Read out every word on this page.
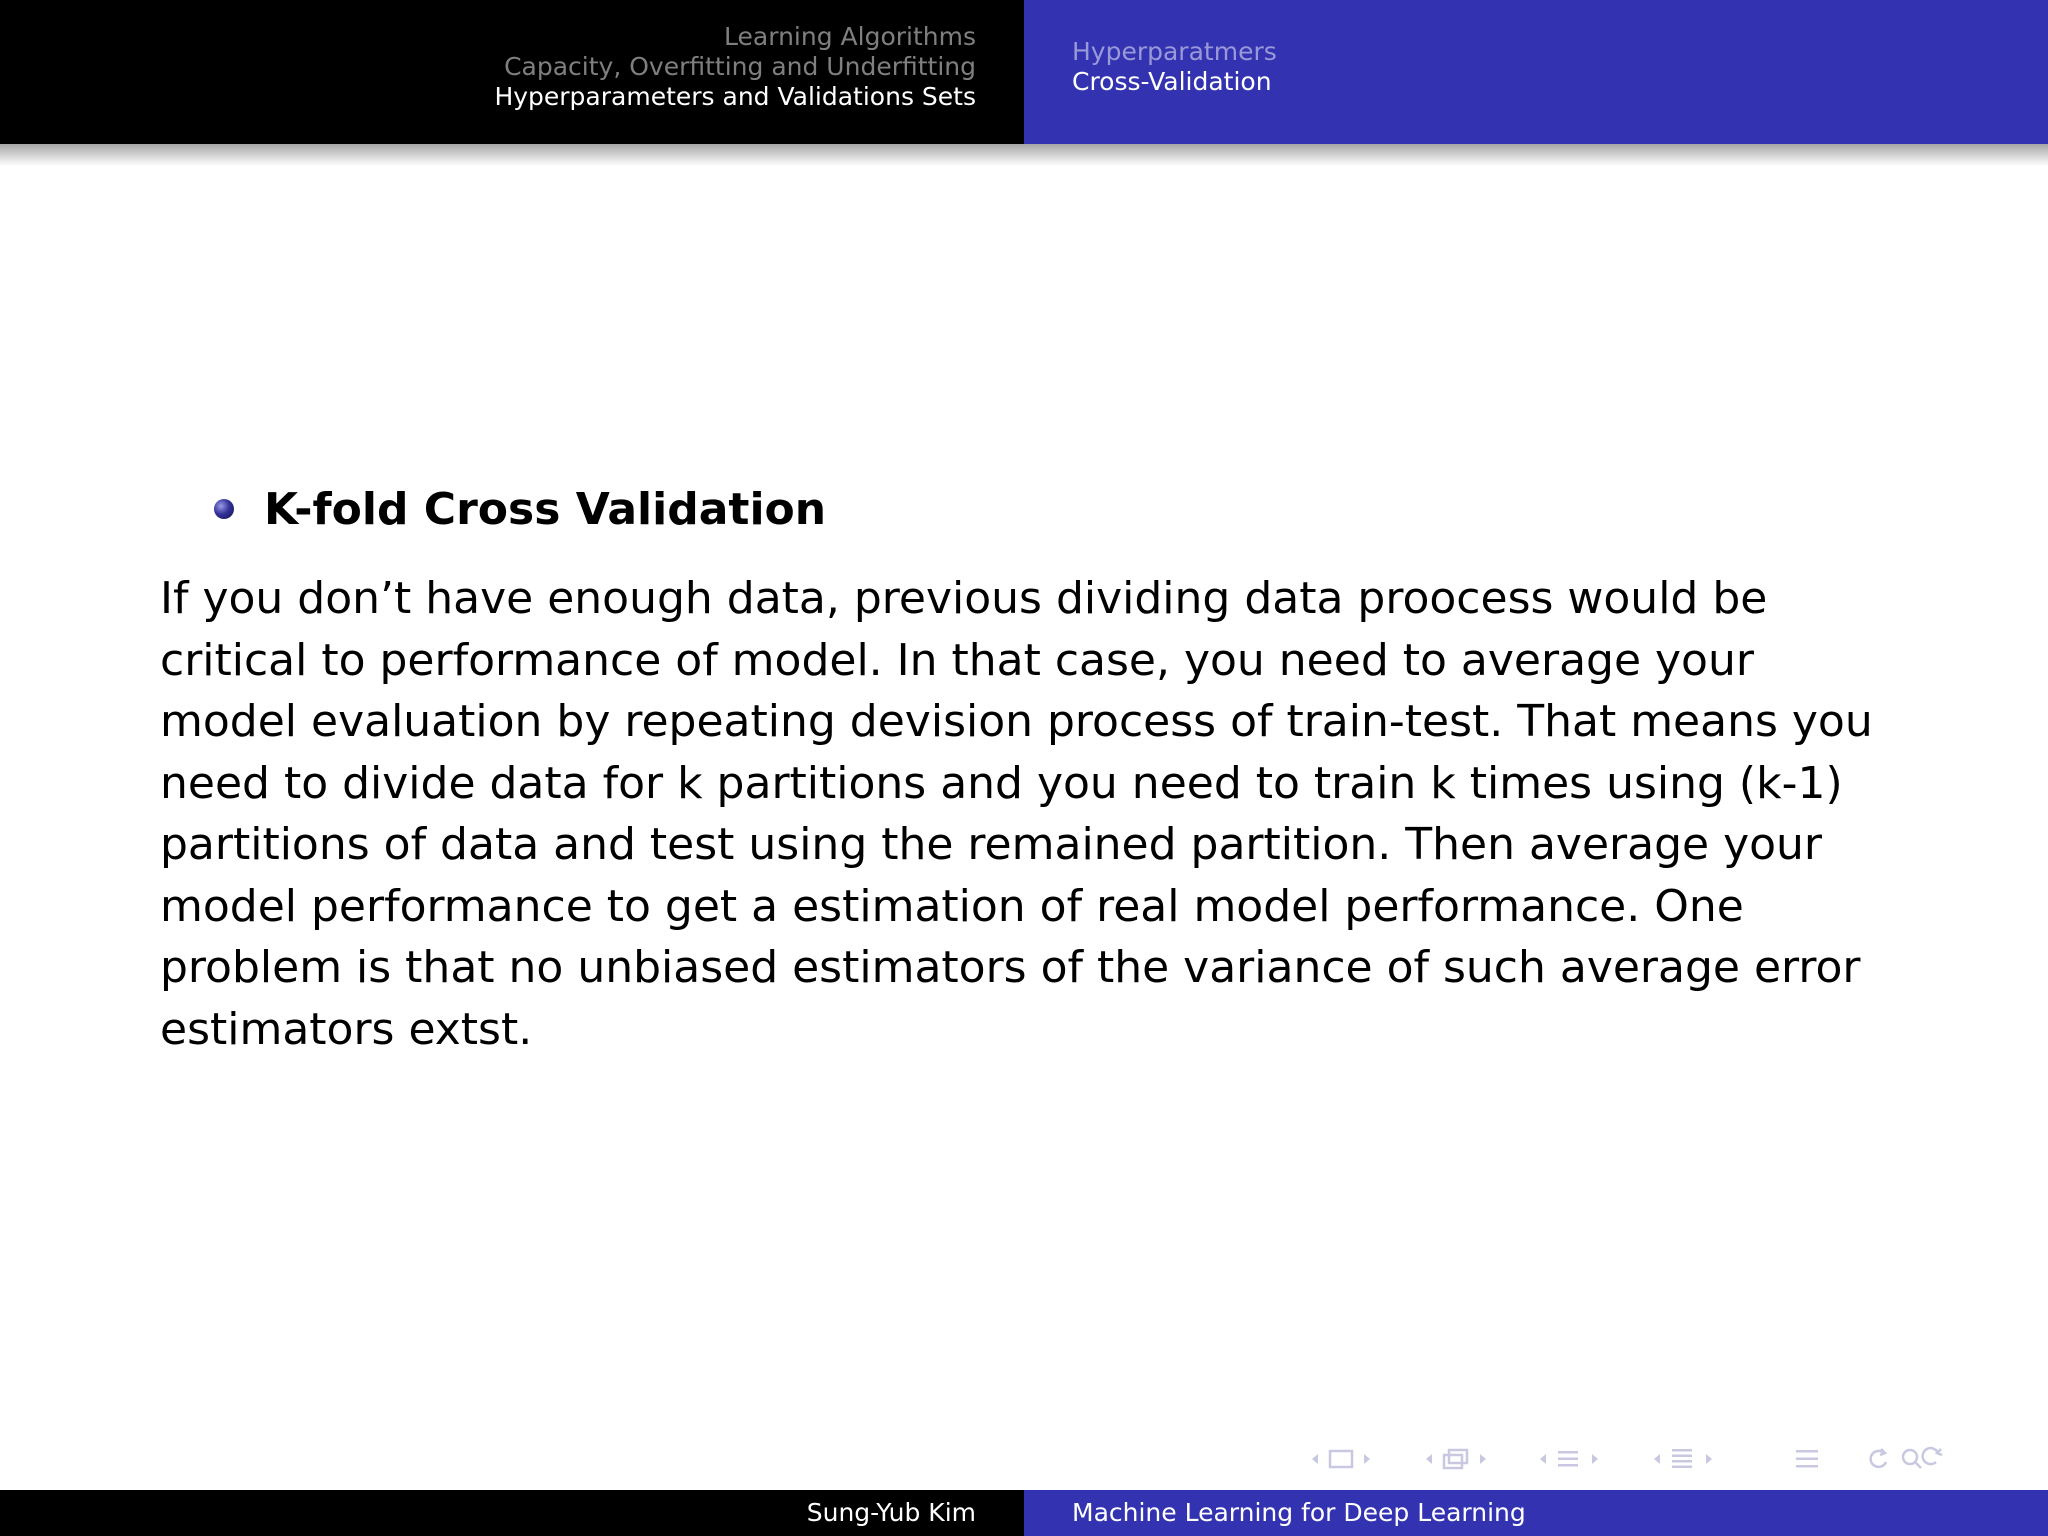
Learning Algorithms
Capacity, Overfitting and Underfitting
Hyperparameters and Validations Sets
Hyperparatmers
Cross-Validation
K-fold Cross Validation
If you don’t have enough data, previous dividing data proocess would be critical to performance of model. In that case, you need to average your model evaluation by repeating devision process of train-test. That means you need to divide data for k partitions and you need to train k times using (k-1) partitions of data and test using the remained partition. Then average your model performance to get a estimation of real model performance. One problem is that no unbiased estimators of the variance of such average error estimators extst.
Sung-Yub Kim	Machine Learning for Deep Learning
